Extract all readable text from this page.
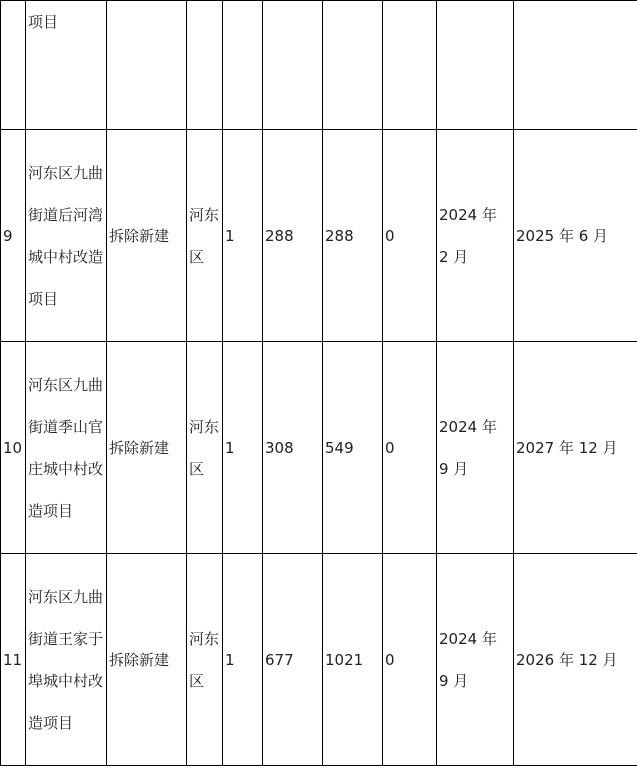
	项目								
9	河东区九曲街道后河湾城中村改造项目	拆除新建	河东区	1	288	288	0	2024 年 2 月	2025 年 6 月
10	河东区九曲街道季山官庄城中村改造项目	拆除新建	河东区	1	308	549	0	2024 年 9 月	2027 年 12 月
11	河东区九曲街道王家于埠城中村改造项目	拆除新建	河东区	1	677	1021	0	2024 年 9 月	2026 年 12 月
